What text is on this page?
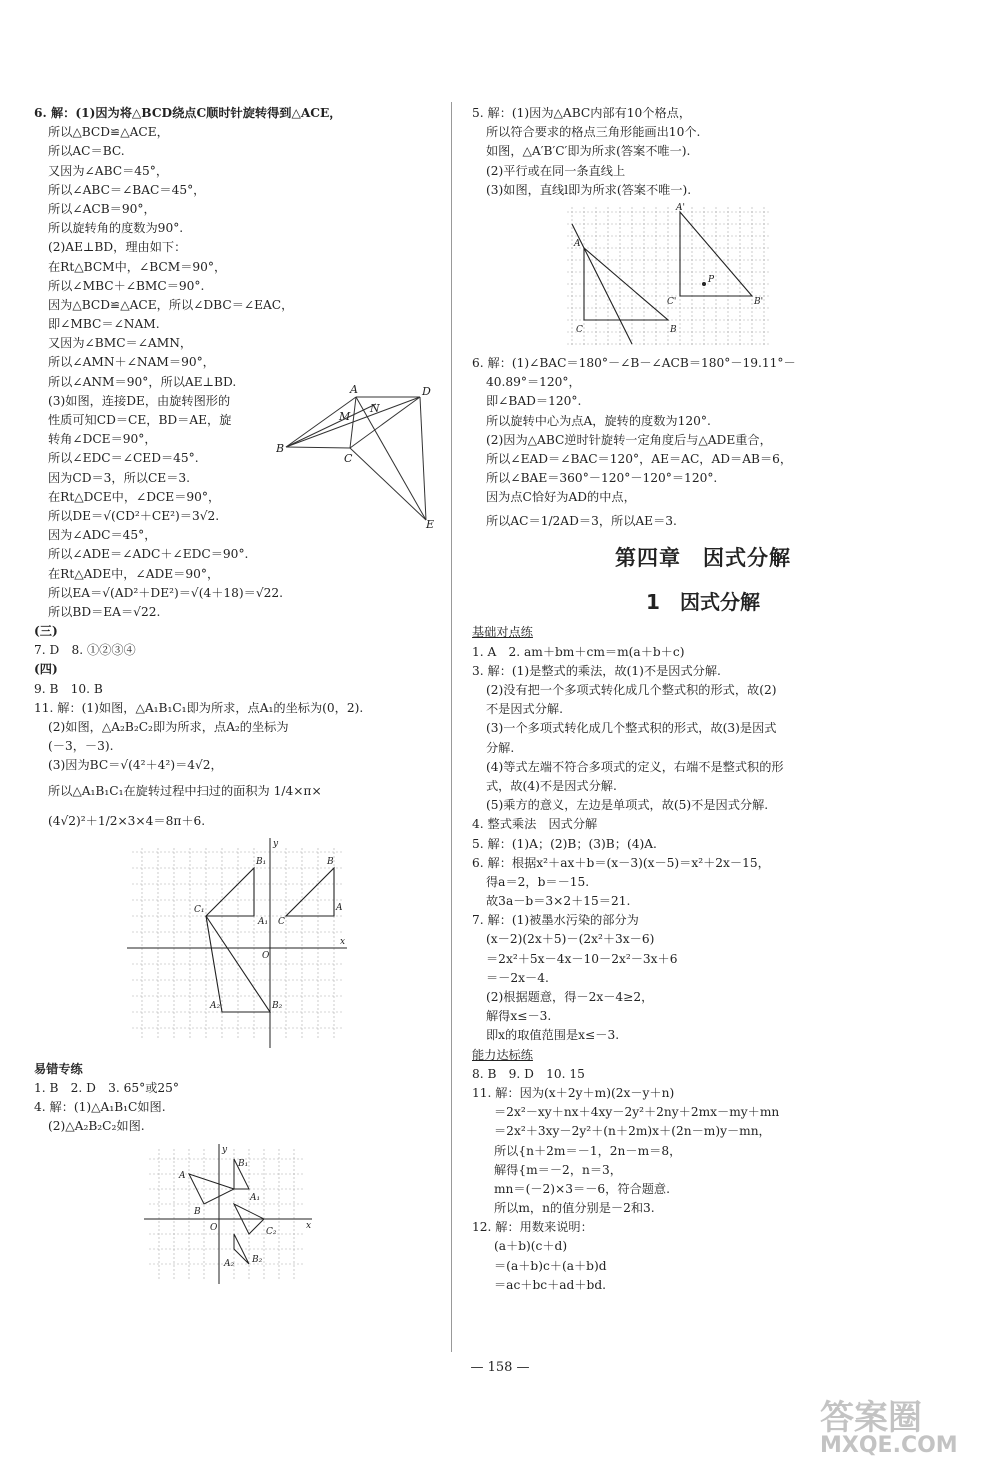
6. 解：(1)因为将△BCD绕点C顺时针旋转得到△ACE，
所以△BCD≌△ACE，
所以AC＝BC.
又因为∠ABC＝45°，
所以∠ABC＝∠BAC＝45°，
所以∠ACB＝90°，
所以旋转角的度数为90°.
(2)AE⊥BD，理由如下：
在Rt△BCM中，∠BCM＝90°，
所以∠MBC＋∠BMC＝90°.
因为△BCD≌△ACE，所以∠DBC＝∠EAC，
即∠MBC＝∠NAM.
又因为∠BMC＝∠AMN，
所以∠AMN＋∠NAM＝90°，
所以∠ANM＝90°，所以AE⊥BD.
(3)如图，连接DE，由旋转图形的
性质可知CD＝CE，BD＝AE，旋
转角∠DCE＝90°，
所以∠EDC＝∠CED＝45°.
因为CD＝3，所以CE＝3.
在Rt△DCE中，∠DCE＝90°，
所以DE＝√(CD²＋CE²)＝3√2.
因为∠ADC＝45°，
所以∠ADE＝∠ADC＋∠EDC＝90°.
在Rt△ADE中，∠ADE＝90°，
所以EA＝√(AD²＋DE²)＝√(4＋18)＝√22.
所以BD＝EA＝√22.
A	D
M
N
B
C
E
(三)
7. D　8. ①②③④
(四)
9. B　10. B
11. 解：(1)如图，△A₁B₁C₁即为所求，点A₁的坐标为(0，2).
(2)如图，△A₂B₂C₂即为所求，点A₂的坐标为
(－3，－3).
(3)因为BC＝√(4²＋4²)＝4√2，
所以△A₁B₁C₁在旋转过程中扫过的面积为 1/4×π×
(4√2)²＋1/2×3×4＝8π＋6.
y
x
O
B
A
C
A₁
B₁
C₁
A₂	B₂
易错专练
1. B　2. D　3. 65°或25°
4. 解：(1)△A₁B₁C如图.
(2)△A₂B₂C₂如图.
y
x
O
A
B
B₁
A₁
A₂ B₂
C₂
5. 解：(1)因为△ABC内部有10个格点，
所以符合要求的格点三角形能画出10个.
如图，△A′B′C′即为所求(答案不唯一).
(2)平行或在同一条直线上
(3)如图，直线l即为所求(答案不唯一).
A'
A
P
C'	B'
C	B
6. 解：(1)∠BAC＝180°－∠B－∠ACB＝180°－19.11°－
40.89°＝120°，
即∠BAD＝120°.
所以旋转中心为点A，旋转的度数为120°.
(2)因为△ABC逆时针旋转一定角度后与△ADE重合，
所以∠EAD＝∠BAC＝120°，AE＝AC，AD＝AB＝6，
所以∠BAE＝360°－120°－120°＝120°.
因为点C恰好为AD的中点，
所以AC＝1/2AD＝3，所以AE＝3.
第四章　因式分解
1　因式分解
基础对点练
1. A　2. am＋bm＋cm＝m(a＋b＋c)
3. 解：(1)是整式的乘法，故(1)不是因式分解.
(2)没有把一个多项式转化成几个整式积的形式，故(2)
不是因式分解.
(3)一个多项式转化成几个整式积的形式，故(3)是因式
分解.
(4)等式左端不符合多项式的定义，右端不是整式积的形
式，故(4)不是因式分解.
(5)乘方的意义，左边是单项式，故(5)不是因式分解.
4. 整式乘法　因式分解
5. 解：(1)A；(2)B；(3)B；(4)A.
6. 解：根据x²＋ax＋b＝(x－3)(x－5)＝x²＋2x－15，
得a＝2，b＝－15.
故3a－b＝3×2＋15＝21.
7. 解：(1)被墨水污染的部分为
(x－2)(2x＋5)－(2x²＋3x－6)
＝2x²＋5x－4x－10－2x²－3x＋6
＝－2x－4.
(2)根据题意，得－2x－4≥2，
解得x≤－3.
即x的取值范围是x≤－3.
能力达标练
8. B　9. D　10. 15
11. 解：因为(x＋2y＋m)(2x－y＋n)
＝2x²－xy＋nx＋4xy－2y²＋2ny＋2mx－my＋mn
＝2x²＋3xy－2y²＋(n＋2m)x＋(2n－m)y－mn，
所以{n＋2m＝－1，2n－m＝8，
解得{m＝－2，n＝3，
mn＝(－2)×3＝－6，符合题意.
所以m，n的值分别是－2和3.
12. 解：用数来说明：
(a＋b)(c＋d)
＝(a＋b)c＋(a＋b)d
＝ac＋bc＋ad＋bd.
— 158 —
答案圈
MXQE.COM
